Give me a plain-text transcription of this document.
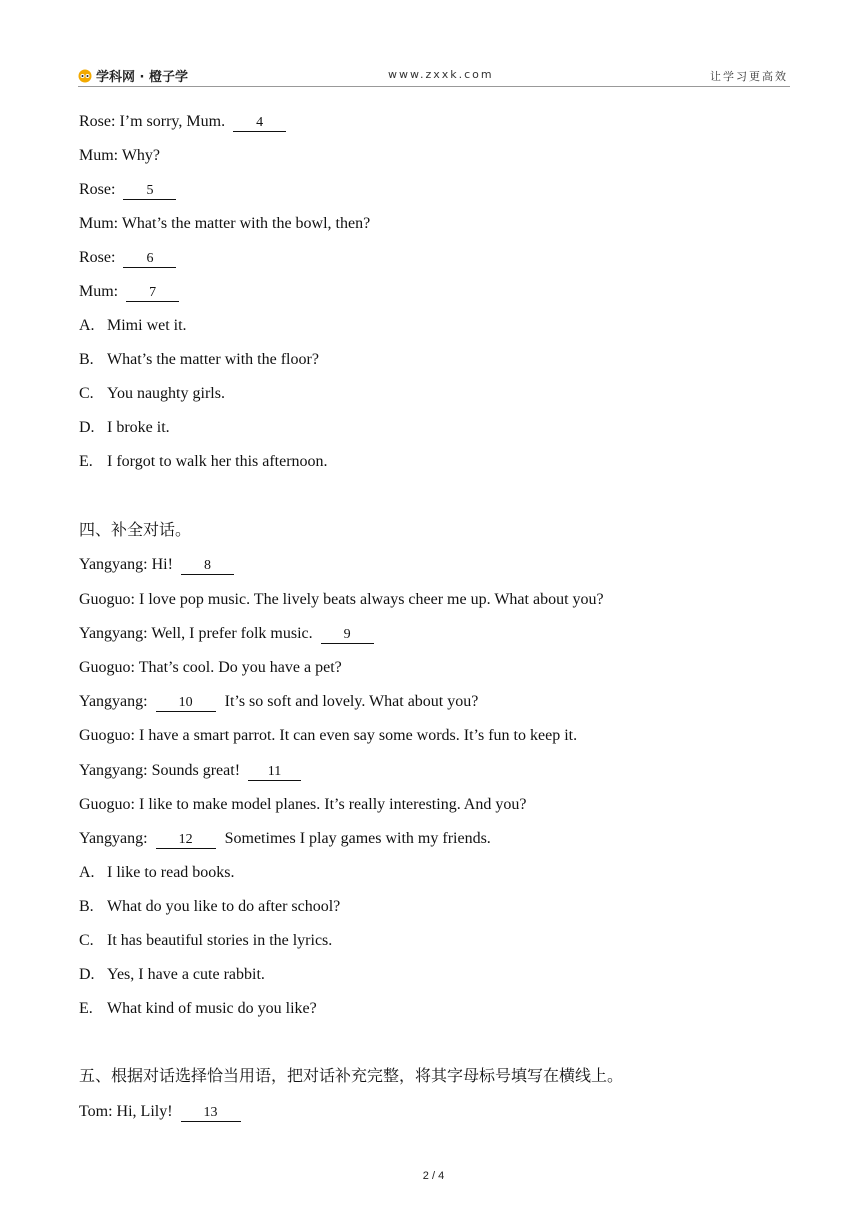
学科网 · 橙子学	www.zxxk.com	让学习更高效
Rose: I’m sorry, Mum. 4
Mum: Why?
Rose: 5
Mum: What’s the matter with the bowl, then?
Rose: 6
Mum: 7
A. Mimi wet it.
B. What’s the matter with the floor?
C. You naughty girls.
D. I broke it.
E. I forgot to walk her this afternoon.
四、补全对话。
Yangyang: Hi! 8
Guoguo: I love pop music. The lively beats always cheer me up. What about you?
Yangyang: Well, I prefer folk music. 9
Guoguo: That’s cool. Do you have a pet?
Yangyang: 10 It’s so soft and lovely. What about you?
Guoguo: I have a smart parrot. It can even say some words. It’s fun to keep it.
Yangyang: Sounds great! 11
Guoguo: I like to make model planes. It’s really interesting. And you?
Yangyang: 12 Sometimes I play games with my friends.
A. I like to read books.
B. What do you like to do after school?
C. It has beautiful stories in the lyrics.
D. Yes, I have a cute rabbit.
E. What kind of music do you like?
五、根据对话选择恰当用语，把对话补充完整，将其字母标号填写在横线上。
Tom: Hi, Lily! 13
2 / 4
